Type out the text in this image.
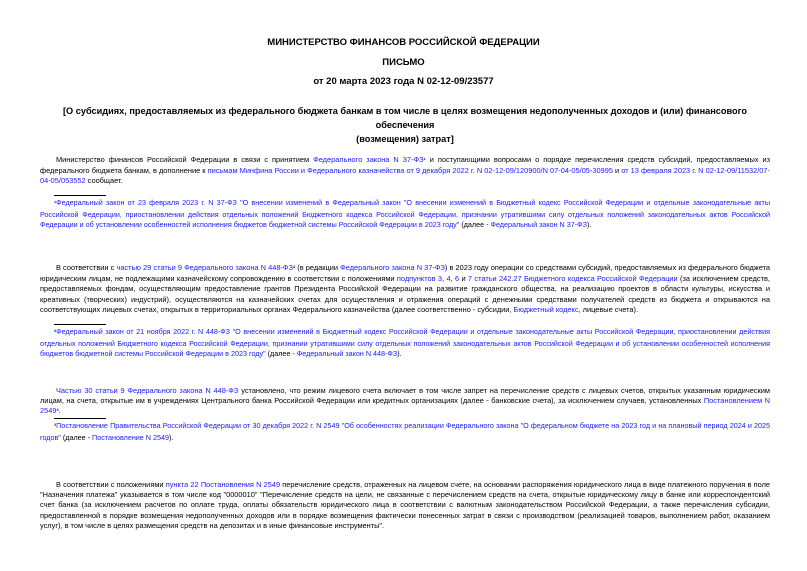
МИНИСТЕРСТВО ФИНАНСОВ РОССИЙСКОЙ ФЕДЕРАЦИИ
ПИСЬМО
от 20 марта 2023 года N 02-12-09/23577
[О субсидиях, предоставляемых из федерального бюджета банкам в том числе в целях возмещения недополученных доходов и (или) финансового обеспечения
(возмещения) затрат]
Министерство финансов Российской Федерации в связи с принятием Федерального закона N 37-ФЗ¹ и поступающими вопросами о порядке перечисления средств субсидий, предоставляемых из федерального бюджета банкам, в дополнение к письмам Минфина России и Федерального казначейства от 9 декабря 2022 г. N 02-12-09/120900/N 07-04-05/05-30995 и от 13 февраля 2023 г. N 02-12-09/11532/07-04-05/053552 сообщает.
¹Федеральный закон от 23 февраля 2023 г. N 37-ФЗ "О внесении изменений в Федеральный закон "О внесении изменений в Бюджетный кодекс Российской Федерации и отдельные законодательные акты Российской Федерации, приостановлении действия отдельных положений Бюджетного кодекса Российской Федерации, признании утратившими силу отдельных положений законодательных актов Российской Федерации и об установлении особенностей исполнения бюджетов бюджетной системы Российской Федерации в 2023 году" (далее - Федеральный закон N 37-ФЗ).
В соответствии с частью 29 статьи 9 Федерального закона N 448-ФЗ² (в редакции Федерального закона N 37-ФЗ) в 2023 году операции со средствами субсидий, предоставляемых из федерального бюджета юридическим лицам, не подлежащими казначейскому сопровождению в соответствии с положениями подпунктов 3, 4, 6 и 7 статьи 242.27 Бюджетного кодекса Российской Федерации (за исключением средств, предоставляемых фондам, осуществляющим предоставление грантов Президента Российской Федерации на развитие гражданского общества, на реализацию проектов в области культуры, искусства и креативных (творческих) индустрий), осуществляются на казначейских счетах для осуществления и отражения операций с денежными средствами получателей средств из бюджета и открываются на соответствующих лицевых счетах, открытых в территориальных органах Федерального казначейства (далее соответственно - субсидии, Бюджетный кодекс, лицевые счета).
²Федеральный закон от 21 ноября 2022 г. N 448-ФЗ "О внесении изменений в Бюджетный кодекс Российской Федерации и отдельные законодательные акты Российской Федерации, приостановлении действия отдельных положений Бюджетного кодекса Российской Федерации, признании утратившими силу отдельных положений законодательных актов Российской Федерации и об установлении особенностей исполнения бюджетов бюджетной системы Российской Федерации в 2023 году" (далее - Федеральный закон N 448-ФЗ).
Частью 30 статьи 9 Федерального закона N 448-ФЗ установлено, что режим лицевого счета включает в том числе запрет на перечисление средств с лицевых счетов, открытых указанным юридическим лицам, на счета, открытые им в учреждениях Центрального банка Российской Федерации или кредитных организациях (далее - банковские счета), за исключением случаев, установленных Постановлением N 2549³.
³Постановление Правительства Российской Федерации от 30 декабря 2022 г. N 2549 "Об особенностях реализации Федерального закона "О федеральном бюджете на 2023 год и на плановый период 2024 и 2025 годов" (далее - Постановление N 2549).
В соответствии с положениями пункта 22 Постановления N 2549 перечисление средств, отраженных на лицевом счете, на основании распоряжения юридического лица в виде платежного поручения в поле "Назначения платежа" указывается в том числе код "0000010" "Перечисление средств на цели, не связанные с перечислением средств на счета, открытые юридическому лицу в банке или корреспондентский счет банка (за исключением расчетов по оплате труда, оплаты обязательств юридического лица в соответствии с валютным законодательством Российской Федерации, а также перечисления субсидии, предоставленной в порядке возмещения недополученных доходов или в порядке возмещения фактически понесенных затрат в связи с производством (реализацией товаров, выполнением работ, оказанием услуг), в том числе в целях размещения средств на депозитах и в иные финансовые инструменты".
